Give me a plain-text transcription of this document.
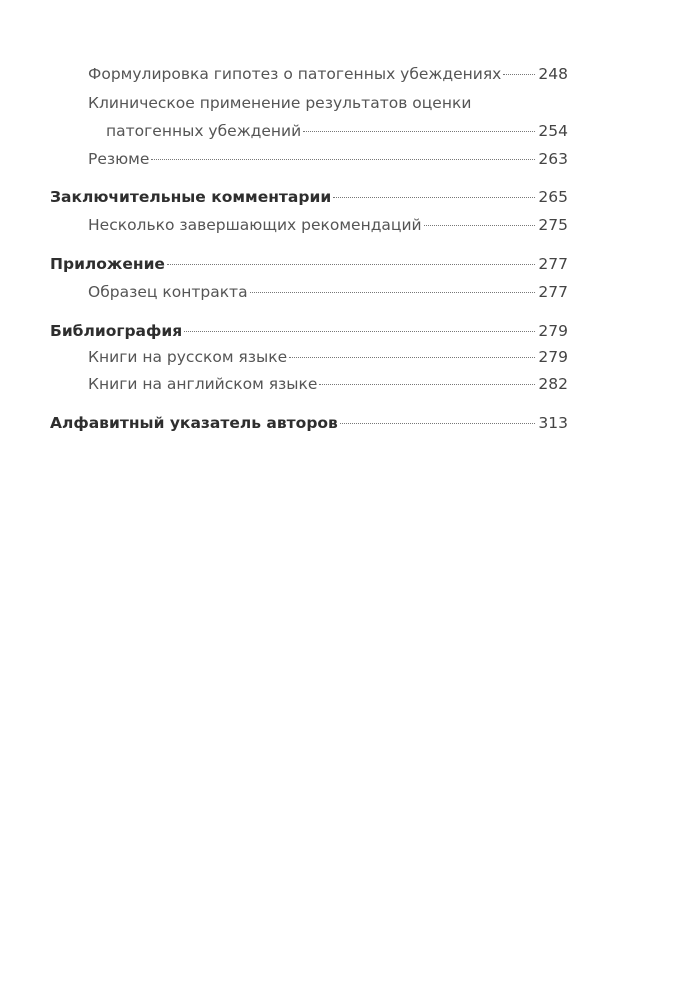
Формулировка гипотез о патогенных убеждениях 248
Клиническое применение результатов оценки
патогенных убеждений	254
Резюме	263
Заключительные комментарии	265
Несколько завершающих рекомендаций	275
Приложение	277
Образец контракта	277
Библиография	279
Книги на русском языке	279
Книги на английском языке	282
Алфавитный указатель авторов	313
